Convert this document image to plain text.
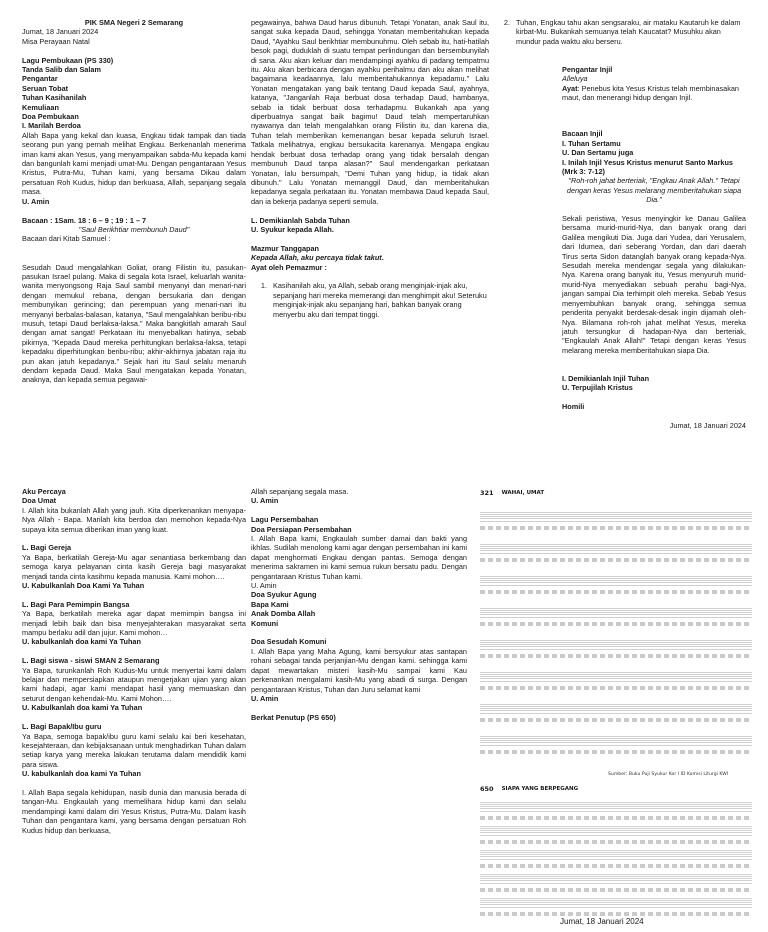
PIK SMA Negeri 2 Semarang

Jumat, 18 Januari 2024

Misa Perayaan Natal

Lagu Pembukaan (PS 330)

Tanda Salib dan Salam

Pengantar

Seruan Tobat

Tuhan Kasihanilah

Kemuliaan

Doa Pembukaan

I. Marilah Berdoa

Allah Bapa yang kekal dan kuasa, Engkau tidak tampak dan tiada seorang pun yang pernah melihat Engkau. Berkenanlah menerima iman kami akan Yesus, yang menyampaikan sabda-Mu kepada kami dan bangunlah kami menjadi umat-Mu. Dengan pengantaraan Yesus Kristus, Putra-Mu, Tuhan kami, yang bersama Dikau dalam persatuan Roh Kudus, hidup dan berkuasa, Allah, sepanjang segala masa.

U. Amin

Bacaan : 1Sam. 18 : 6 – 9 ; 19 : 1 – 7

"Saul Berikhtiar membunuh Daud"

Bacaan dari Kitab Samuel :

Sesudah Daud mengalahkan Goliat, orang Filistin itu, pasukan-pasukan Israel pulang. Maka di segala kota Israel, keluarlah wanita-wanita menyongsong Raja Saul sambil menyanyi dan menari-nari dengan memukul rebana, dengan bersukaria dan dengan membunyikan gerincing; dan perempuan yang menari-nari itu menyanyi berbalas-balasan, katanya, "Saul mengalahkan beribu-ribu musuh, tetapi Daud berlaksa-laksa." Maka bangkitlah amarah Saul dengan amat sangat! Perkataan itu menyebalkan hatinya, sebab pikirnya, "Kepada Daud mereka perhitungkan berlaksa-laksa, tetapi kepadaku diperhitungkan beribu-ribu; akhir-akhirnya jabatan raja itu pun akan jatuh kepadanya." Sejak hari itu Saul selalu menaruh dendam kepada Daud. Maka Saul mengatakan kepada Yonatan, anaknya, dan kepada semua pegawai-

pegawainya, bahwa Daud harus dibunuh. Tetapi Yonatan, anak Saul itu, sangat suka kepada Daud, sehingga Yonatan memberitahukan kepada Daud, "Ayahku Saul berikhtiar membunuhmu. Oleh sebab itu, hati-hatilah besok pagi, duduklah di suatu tempat perlindungan dan bersembunyilah di sana. Aku akan keluar dan mendampingi ayahku di padang tempatmu itu. Aku akan berbicara dengan ayahku perihalmu dan aku akan melihat bagaimana keadaannya, lalu memberitahukannya kepadamu." Lalu Yonatan mengatakan yang baik tentang Daud kepada Saul, ayahnya, katanya, "Janganlah Raja berbuat dosa terhadap Daud, hambanya, sebab ia tidak berbuat dosa terhadapmu. Bukankah apa yang diperbuatnya sangat baik bagimu! Daud telah mempertaruhkan nyawanya dan telah mengalahkan orang Filistin itu, dan karena dia, Tuhan telah memberikan kemenangan besar kepada seluruh Israel. Tatkala melihatnya, engkau bersukacita karenanya. Mengapa engkau hendak berbuat dosa terhadap orang yang tidak bersalah dengan membunuh Daud tanpa alasan?" Saul mendengarkan perkataan Yonatan, lalu bersumpah, "Demi Tuhan yang hidup, ia tidak akan dibunuh." Lalu Yonatan memanggil Daud, dan memberitahukan kepadanya segala perkataan itu. Yonatan membawa Daud kepada Saul, dan ia bekerja padanya seperti semula.

L. Demikianlah Sabda Tuhan

U. Syukur kepada Allah.

Mazmur Tanggapan

Kepada Allah, aku percaya tidak takut.

Ayat oleh Pemazmur :

1. Kasihanilah aku, ya Allah, sebab orang menginjak-injak aku, sepanjang hari mereka memerangi dan menghimpit aku! Seteruku menginjak-injak aku sepanjang hari, bahkan banyak orang menyerbu aku dari tempat tinggi.
2. Tuhan, Engkau tahu akan sengsaraku, air mataku Kautaruh ke dalam kirbat-Mu. Bukankah semuanya telah Kaucatat? Musuhku akan mundur pada waktu aku berseru.

Pengantar Injil

Alleluya

Ayat: Penebus kita Yesus Kristus telah membinasakan maut, dan menerangi hidup dengan Injil.

Bacaan Injil

I. Tuhan Sertamu

U. Dan Sertamu juga

I. Inilah Injil Yesus Kristus menurut Santo Markus (Mrk 3: 7-12)

"Roh-roh jahat berteriak, "Engkau Anak Allah." Tetapi dengan keras Yesus melarang memberitahukan siapa Dia."

Sekali peristiwa, Yesus menyingkir ke Danau Galilea bersama murid-murid-Nya, dan banyak orang dari Galilea mengikuti Dia. Juga dari Yudea, dari Yerusalem, dari Idumea, dari seberang Yordan, dan dari daerah Tirus serta Sidon datanglah banyak orang kepada-Nya. Sesudah mereka mendengar segala yang dilakukan-Nya. Karena orang banyak itu, Yesus menyuruh murid-murid-Nya menyediakan sebuah perahu bagi-Nya, jangan sampai Dia terhimpit oleh mereka. Sebab Yesus menyembuhkan banyak orang, sehingga semua penderita penyakit berdesak-desak ingin dijamah oleh-Nya. Bilamana roh-roh jahat melihat Yesus, mereka jatuh tersungkur di hadapan-Nya dan berteriak, "Engkaulah Anak Allah!" Tetapi dengan keras Yesus melarang mereka memberitahukan siapa Dia.

I. Demikianlah Injil Tuhan

U. Terpujilah Kristus

Homili

Jumat, 18 Januari 2024

Aku Percaya

Doa Umat

I. Allah kita bukanlah Allah yang jauh. Kita diperkenankan menyapa-Nya Allah - Bapa. Marilah kita berdoa dan memohon kepada-Nya supaya kita semua diberikan iman yang kuat.

L. Bagi Gereja

Ya Bapa, berkatilah Gereja-Mu agar senantiasa berkembang dan semoga karya pelayanan cinta kasih Gereja bagi masyarakat menjadi tanda cinta kasihmu kepada manusia. Kami mohon….

U. Kabulkanlah Doa Kami Ya Tuhan

L. Bagi Para Pemimpin Bangsa

Ya Bapa, berkatilah mereka agar dapat memimpin bangsa ini menjadi lebih baik dan bisa menyejahterakan masyarakat serta mampu berlaku adil dan jujur. Kami mohon…

U. kabulkanlah doa kami Ya Tuhan

L. Bagi siswa - siswi SMAN 2 Semarang

Ya Bapa, turunkanlah Roh Kudus-Mu untuk menyertai kami dalam belajar dan mempersiapkan ataupun mengerjakan ujian yang akan kami hadapi, agar kami mendapat hasil yang memuaskan dan seturut dengan kehendak-Mu. Kami Mohon….

U. Kabulkanlah doa kami Ya Tuhan

L. Bagi Bapak/Ibu guru

Ya Bapa, semoga bapak/ibu guru kami selalu kai beri kesehatan, kesejahteraan, dan kebijaksanaan untuk menghadirkan Tuhan dalam setiap karya yang mereka lakukan terutama dalam mendidik kami para siswa.

U. kabulkanlah doa kami Ya Tuhan

I. Allah Bapa segala kehidupan, nasib dunia dan manusia berada di tangan-Mu. Engkaulah yang memelihara hidup kami dan selalu mendampingi kami dalam diri Yesus Kristus, Putra-Mu. Dalam kasih Tuhan dan pengantara kami, yang bersama dengan persatuan Roh Kudus hidup dan berkuasa,

Allah sepanjang segala masa.

U. Amin

Lagu Persembahan

Doa Persiapan Persembahan

I. Allah Bapa kami, Engkaulah sumber damai dan bakti yang ikhlas. Sudilah menolong kami agar dengan persembahan ini kami dapat menghormati Engkau dengan pantas. Semoga dengan menerima sakramen ini kami semua rukun bersatu padu. Dengan pengantaraan Kristus Tuhan kami.

U. Amin

Doa Syukur Agung

Bapa Kami

Anak Domba Allah

Komuni

Doa Sesudah Komuni

I. Allah Bapa yang Maha Agung, kami bersyukur atas santapan rohani sebagai tanda perjanjian-Mu dengan kami. sehingga kami dapat mewartakan misteri kasih-Mu sampai kami Kau perkenankan mengalami kasih-Mu yang abadi di surga. Dengan pengantaraan Kristus, Tuhan dan Juru selamat kami

U. Amin

Berkat Penutup (PS 650)

321 WAHAI, UMAT
Sumber: Buku Puji Syukur Kor I ID Komisi Liturgi KWI
650 SIAPA YANG BERPEGANG
Jumat, 18 Januari 2024
